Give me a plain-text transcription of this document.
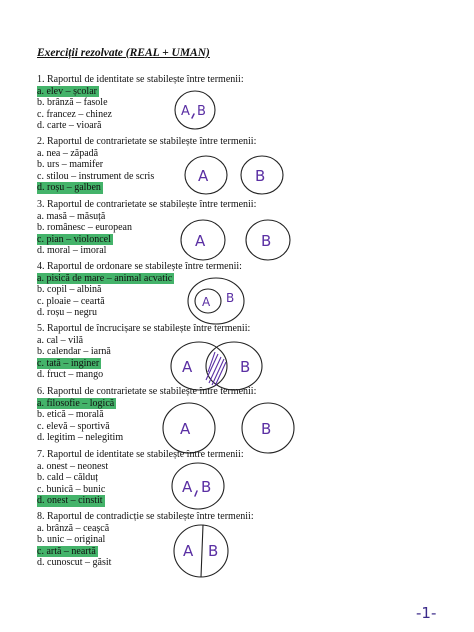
Exerciții rezolvate (REAL + UMAN)
1. Raportul de identitate se stabilește între termenii:
a. elev – școlar
b. brânză – fasole
c. francez – chinez
d. carte – vioară
2. Raportul de contrarietate se stabilește între termenii:
a. nea – zăpadă
b. urs – mamifer
c. stilou – instrument de scris
d. roșu – galben
3. Raportul de contrarietate se stabilește între termenii:
a. masă – măsuță
b. românesc – european
c. pian – violoncel
d. moral – imoral
4. Raportul de ordonare se stabilește între termenii:
a. pisică de mare – animal acvatic
b. copil – albină
c. ploaie – ceartă
d. roșu – negru
5. Raportul de încrucișare se stabilește între termenii:
a. cal – vilă
b. calendar – iarnă
c. tată – inginer
d. fruct – mango
6. Raportul de contrarietate se stabilește între termenii:
a. filosofie – logică
b. etică – morală
c. elevă – sportivă
d. legitim – nelegitim
7. Raportul de identitate se stabilește între termenii:
a. onest – neonest
b. cald – călduț
c. bunică – bunic
d. onest – cinstit
8. Raportul de contradicție se stabilește între termenii:
a. brânză – ceașcă
b. unic – original
c. artă – neartă
d. cunoscut – găsit
A B
A	B
A	B
A B
A	B
A	B
A B
A B
-1-
